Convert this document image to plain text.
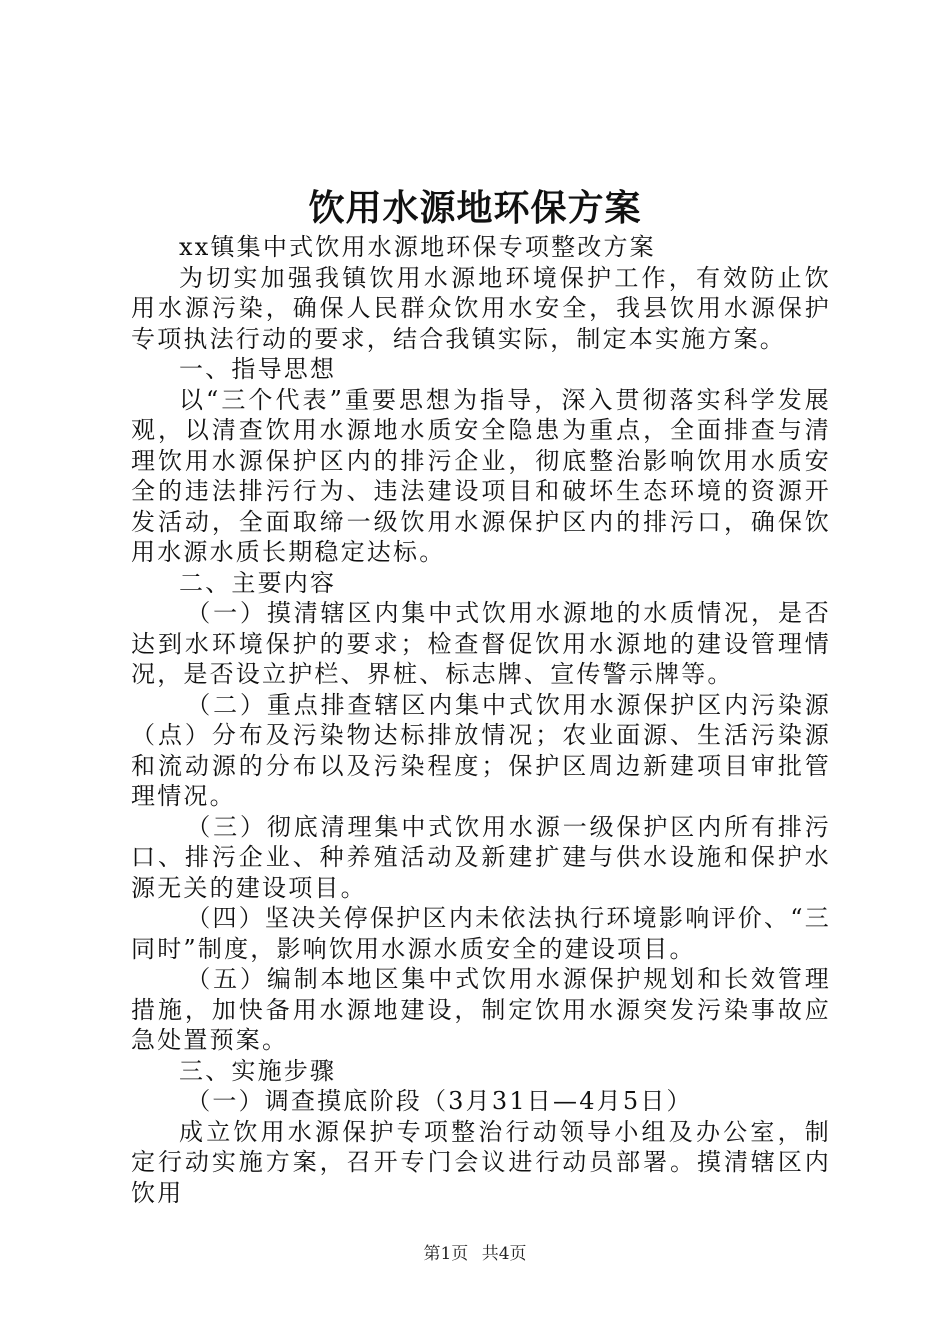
饮用水源地环保方案

xx镇集中式饮用水源地环保专项整改方案

为切实加强我镇饮用水源地环境保护工作，有效防止饮用水源污染，确保人民群众饮用水安全，我县饮用水源保护专项执法行动的要求，结合我镇实际，制定本实施方案。

一、指导思想

以“三个代表”重要思想为指导，深入贯彻落实科学发展观，以清查饮用水源地水质安全隐患为重点，全面排查与清理饮用水源保护区内的排污企业，彻底整治影响饮用水质安全的违法排污行为、违法建设项目和破坏生态环境的资源开发活动，全面取缔一级饮用水源保护区内的排污口，确保饮用水源水质长期稳定达标。

二、主要内容

（一）摸清辖区内集中式饮用水源地的水质情况，是否达到水环境保护的要求；检查督促饮用水源地的建设管理情况，是否设立护栏、界桩、标志牌、宣传警示牌等。

（二）重点排查辖区内集中式饮用水源保护区内污染源（点）分布及污染物达标排放情况；农业面源、生活污染源和流动源的分布以及污染程度；保护区周边新建项目审批管理情况。

（三）彻底清理集中式饮用水源一级保护区内所有排污口、排污企业、种养殖活动及新建扩建与供水设施和保护水源无关的建设项目。

（四）坚决关停保护区内未依法执行环境影响评价、“三同时”制度，影响饮用水源水质安全的建设项目。

（五）编制本地区集中式饮用水源保护规划和长效管理措施，加快备用水源地建设，制定饮用水源突发污染事故应急处置预案。

三、实施步骤

（一）调查摸底阶段（3月31日—4月5日）

成立饮用水源保护专项整治行动领导小组及办公室，制定行动实施方案，召开专门会议进行动员部署。摸清辖区内饮用

第1页 共4页
